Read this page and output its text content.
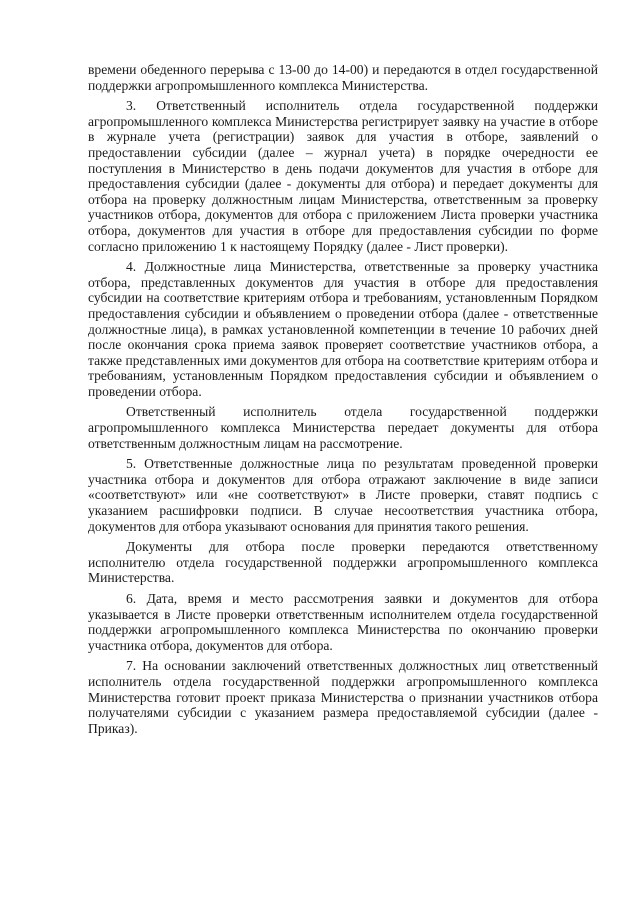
времени обеденного перерыва с 13-00 до 14-00) и передаются в отдел государственной поддержки агропромышленного комплекса Министерства.

3. Ответственный исполнитель отдела государственной поддержки агропромышленного комплекса Министерства регистрирует заявку на участие в отборе в журнале учета (регистрации) заявок для участия в отборе, заявлений о предоставлении субсидии (далее – журнал учета) в порядке очередности ее поступления в Министерство в день подачи документов для участия в отборе для предоставления субсидии (далее - документы для отбора) и передает документы для отбора на проверку должностным лицам Министерства, ответственным за проверку участников отбора, документов для отбора с приложением Листа проверки участника отбора, документов для участия в отборе для предоставления субсидии по форме согласно приложению 1 к настоящему Порядку (далее - Лист проверки).

4. Должностные лица Министерства, ответственные за проверку участника отбора, представленных документов для участия в отборе для предоставления субсидии на соответствие критериям отбора и требованиям, установленным Порядком предоставления субсидии и объявлением о проведении отбора (далее - ответственные должностные лица), в рамках установленной компетенции в течение 10 рабочих дней после окончания срока приема заявок проверяет соответствие участников отбора, а также представленных ими документов для отбора на соответствие критериям отбора и требованиям, установленным Порядком предоставления субсидии и объявлением о проведении отбора.

Ответственный исполнитель отдела государственной поддержки агропромышленного комплекса Министерства передает документы для отбора ответственным должностным лицам на рассмотрение.

5. Ответственные должностные лица по результатам проведенной проверки участника отбора и документов для отбора отражают заключение в виде записи «соответствуют» или «не соответствуют» в Листе проверки, ставят подпись с указанием расшифровки подписи. В случае несоответствия участника отбора, документов для отбора указывают основания для принятия такого решения.

Документы для отбора после проверки передаются ответственному исполнителю отдела государственной поддержки агропромышленного комплекса Министерства.

6. Дата, время и место рассмотрения заявки и документов для отбора указывается в Листе проверки ответственным исполнителем отдела государственной поддержки агропромышленного комплекса Министерства по окончанию проверки участника отбора, документов для отбора.

7. На основании заключений ответственных должностных лиц ответственный исполнитель отдела государственной поддержки агропромышленного комплекса Министерства готовит проект приказа Министерства о признании участников отбора получателями субсидии с указанием размера предоставляемой субсидии (далее - Приказ).
